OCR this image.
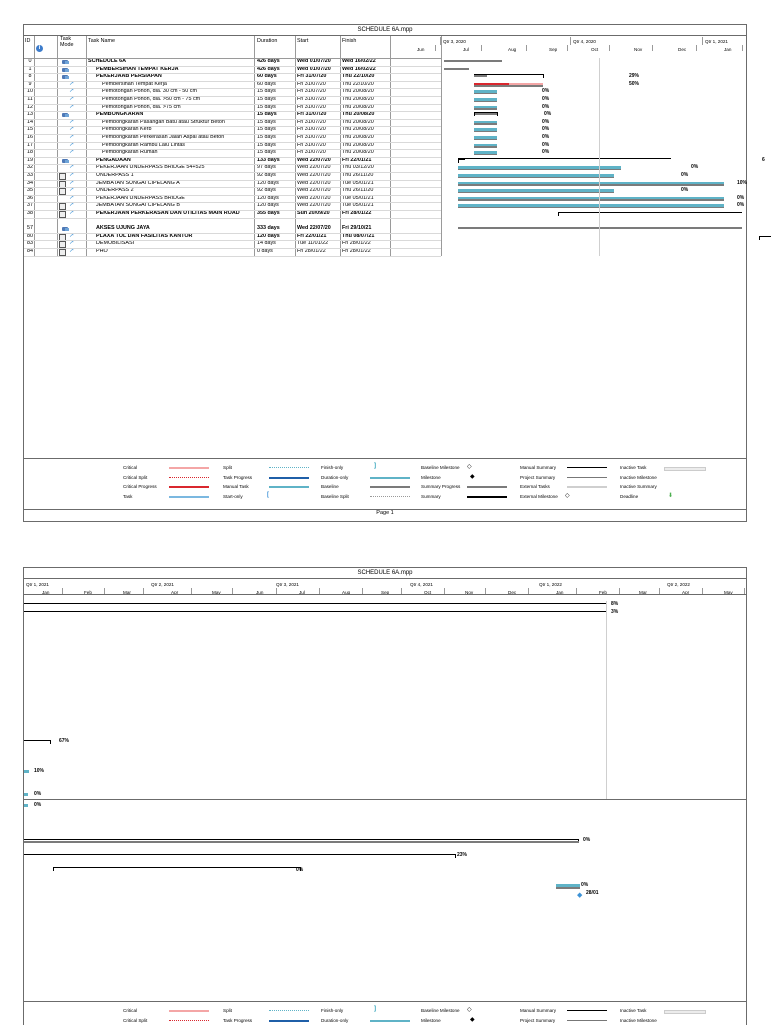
SCHEDULE 6A.mpp
ID
i
Task Mode
Task Name	Duration	Start	Finish	Qtr 3, 2020	Qtr 4, 2020	Qtr 1, 2021
Jun	Jul	Aug	Sep	Oct	Nov	Dec	Jan
0	SCHEDULE 6A	426 days	Wed 01/07/20 Wed 16/02/22
1	PEMBERSIHAN TEMPAT KERJA	426 days	Wed 01/07/20 Wed 16/02/22
8	PEKERJAAB PERSIAPAN	60 days	Fri 31/07/20	Thu 22/10/20
9	↗	Pembersihan Tempat Kerja	60 days	Fri 31/07/20	Thu 22/10/20
10	↗	Pemotongan Pohon, dia. 30 cm - 50 cm	15 days	Fri 31/07/20	Thu 20/08/20
11	↗	Pemotongan Pohon, dia. >50 cm - 75 cm	15 days	Fri 31/07/20	Thu 20/08/20
12	↗	Pemotongan Pohon, dia. >75 cm	15 days	Fri 31/07/20	Thu 20/08/20
13	PEMBONGKARAN	15 days	Fri 31/07/20	Thu 20/08/20
14	↗	Pembongkaran Pasangan Batu atau Struktur Beton	15 days	Fri 31/07/20	Thu 20/08/20
15	↗	Pembongkaran Kerb	15 days	Fri 31/07/20	Thu 20/08/20
16	↗	Pembongkaran Perkerasan Jalan Aspal atau Beton	15 days	Fri 31/07/20	Thu 20/08/20
17	↗	Pembongkaran Rambu Lalu Lintas	15 days	Fri 31/07/20	Thu 20/08/20
18	↗	Pembongkaran Rumah	15 days	Fri 31/07/20	Thu 20/08/20
19	PENGADAAN	133 days	Wed 22/07/20 Fri 22/01/21
32	↗	PEKERJAAN UNDERPASS BRIDGE 54+525	97 days	Wed 22/07/20 Thu 03/12/20
33	↗	UNDERPASS 1	92 days	Wed 22/07/20 Thu 26/11/20
34	↗	JEMBATAN SUNGAI CIPELANG A	120 days	Wed 22/07/20 Tue 05/01/21
35	↗	UNDERPASS 2	92 days	Wed 22/07/20 Thu 26/11/20
36	↗	PEKERJAAN UNDERPASS BRIDGE	120 days	Wed 22/07/20 Tue 05/01/21
37	↗	JEMBATAN SUNGAI CIPELANG B	120 days	Wed 22/07/20 Tue 05/01/21
38	↗	PEKERJAAN PERKERASAN DAN UTILITAS MAIN ROAD	355 days	Sun 20/09/20 Fri 28/01/22
57	AKSES UJUNG JAYA	333 days	Wed 22/07/20 Fri 29/10/21
80	↗	PLAXA TOL DAN FASILITAS KANTOR	120 days	Fri 22/01/21	Thu 08/07/21
83	↗	DEMOBILISASI	14 days	Tue 11/01/22	Fri 28/01/22
84	↗	PHO	0 days	Fri 28/01/22	Fri 28/01/22
29%
50%
0%
0%
0%
0%
0%
0%
0%
0%
0%
6
0%
0%
10%
0%
0%
0%
Critical	Split	Finish-only	Baseline Milestone	Manual Summary	Inactive Task
Critical Split	Task Progress	Duration-only	Milestone	Project Summary	Inactive Milestone
Critical Progress	Manual Task	Baseline	Summary Progress	External Tasks	Inactive Summary
Task	Start-only	Baseline Split	Summary	External Milestone	Deadline
◇
◆
]
[	◇	⬇
Page 1
SCHEDULE 6A.mpp
Qtr 1, 2021	Qtr 2, 2021	Qtr 3, 2021	Qtr 4, 2021	Qtr 1, 2022	Qtr 2, 2022
Jan	Feb	Mar	Apr	May	Jun	Jul	Aug	Sep	Oct	Nov	Dec	Jan	Feb	Mar	Apr	May
◆
8%
3%
67%
10%
0%
0%
0%
23%
0%
0%
28/01
Critical	Split	Finish-only	Baseline Milestone	Manual Summary	Inactive Task
Critical Split	Task Progress	Duration-only	Milestone	Project Summary	Inactive Milestone
◇
◆
]
